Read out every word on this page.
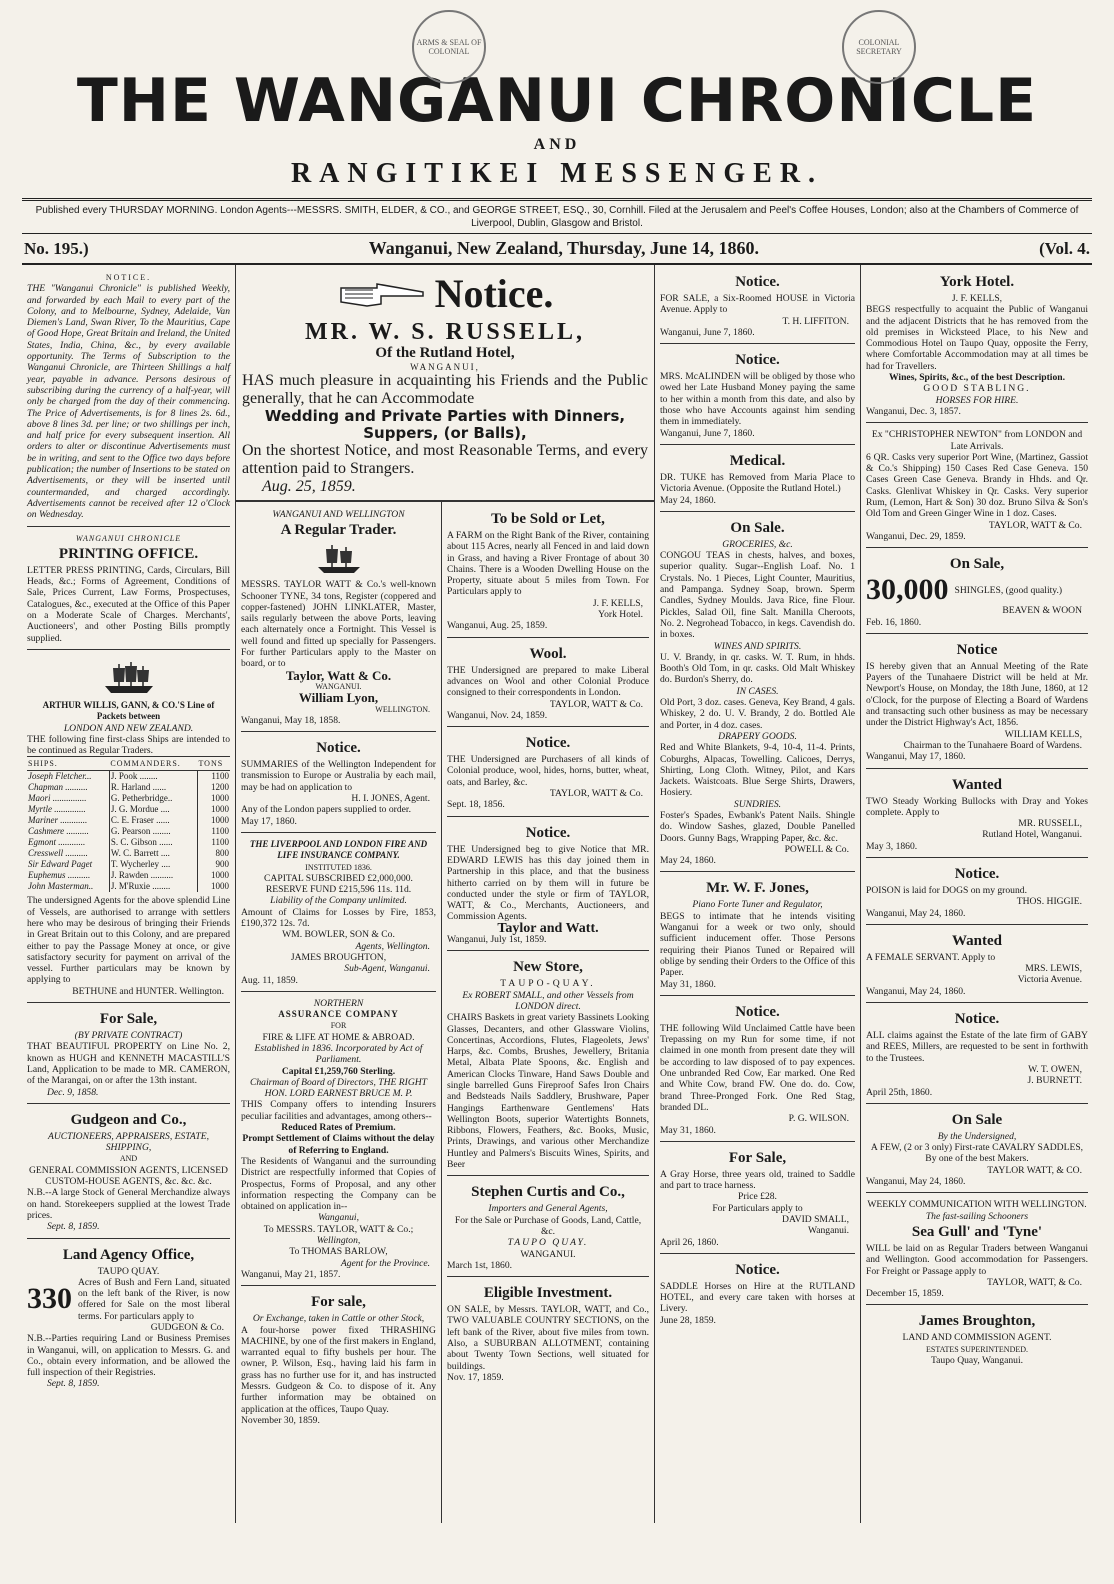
ARMS & SEAL OF COLONIAL
COLONIAL SECRETARY
THE WANGANUI CHRONICLE
AND
RANGITIKEI MESSENGER.
Published every THURSDAY MORNING. London Agents---MESSRS. SMITH, ELDER, & CO., and GEORGE STREET, ESQ., 30, Cornhill. Filed at the Jerusalem and Peel's Coffee Houses, London; also at the Chambers of Commerce of Liverpool, Dublin, Glasgow and Bristol.
No. 195.)	Wanganui, New Zealand, Thursday, June 14, 1860.	(Vol. 4.
NOTICE.
THE "Wanganui Chronicle" is published Weekly, and forwarded by each Mail to every part of the Colony, and to Melbourne, Sydney, Adelaide, Van Diemen's Land, Swan River, To the Mauritius, Cape of Good Hope, Great Britain and Ireland, the United States, India, China, &c., by every available opportunity. The Terms of Subscription to the Wanganui Chronicle, are Thirteen Shillings a half year, payable in advance. Persons desirous of subscribing during the currency of a half-year, will only be charged from the day of their commencing. The Price of Advertisements, is for 8 lines 2s. 6d., above 8 lines 3d. per line; or two shillings per inch, and half price for every subsequent insertion. All orders to alter or discontinue Advertisements must be in writing, and sent to the Office two days before publication; the number of Insertions to be stated on Advertisements, or they will be inserted until countermanded, and charged accordingly. Advertisements cannot be received after 12 o'Clock on Wednesday.
WANGANUI CHRONICLE
PRINTING OFFICE.
LETTER PRESS PRINTING, Cards, Circulars, Bill Heads, &c.; Forms of Agreement, Conditions of Sale, Prices Current, Law Forms, Prospectuses, Catalogues, &c., executed at the Office of this Paper on a Moderate Scale of Charges. Merchants', Auctioneers', and other Posting Bills promptly supplied.
ARTHUR WILLIS, GANN, & CO.'S Line of Packets between
LONDON AND NEW ZEALAND.
THE following fine first-class Ships are intended to be continued as Regular Traders.
SHIPS.	COMMANDERS.	TONS
Joseph Fletcher...	J. Pook ........	1100
Chapman ..........	R. Harland ......	1200
Maori ...............	G. Petherbridge..	1000
Myrtle ..............	J. G. Mordue ....	1000
Mariner ............	C. E. Fraser ......	1000
Cashmere ..........	G. Pearson ........	1100
Egmont ............	S. C. Gibson ......	1100
Cresswell ..........	W. C. Barrett ....	800
Sir Edward Paget	T. Wycherley ....	900
Euphemus ..........	J. Rawden ..........	1000
John Masterman..	J. M'Ruxie ........	1000
The undersigned Agents for the above splendid Line of Vessels, are authorised to arrange with settlers here who may be desirous of bringing their Friends in Great Britain out to this Colony, and are prepared either to pay the Passage Money at once, or give satisfactory security for payment on arrival of the vessel. Further particulars may be known by applying to
BETHUNE and HUNTER. Wellington.
For Sale,
(BY PRIVATE CONTRACT)
THAT BEAUTIFUL PROPERTY on Line No. 2, known as HUGH and KENNETH MACASTILL'S Land, Application to be made to MR. CAMERON, of the Marangai, on or after the 13th instant.
Dec. 9, 1858.
Gudgeon and Co.,
AUCTIONEERS, APPRAISERS, ESTATE, SHIPPING,
AND
GENERAL COMMISSION AGENTS, LICENSED CUSTOM-HOUSE AGENTS, &c. &c. &c.
N.B.--A large Stock of General Merchandize always on hand. Storekeepers supplied at the lowest Trade prices.
Sept. 8, 1859.
Land Agency Office,
TAUPO QUAY.
330
Acres of Bush and Fern Land, situated on the left bank of the River, is now offered for Sale on the most liberal terms. For particulars apply to
GUDGEON & Co.
N.B.--Parties requiring Land or Business Premises in Wanganui, will, on application to Messrs. G. and Co., obtain every information, and be allowed the full inspection of their Registries.
Sept. 8, 1859.
Notice.
MR. W. S. RUSSELL,
Of the Rutland Hotel,
WANGANUI,
HAS much pleasure in acquainting his Friends and the Public generally, that he can Accommodate
Wedding and Private Parties with Dinners, Suppers, (or Balls),
On the shortest Notice, and most Reasonable Terms, and every attention paid to Strangers.
Aug. 25, 1859.
WANGANUI AND WELLINGTON
A Regular Trader.
MESSRS. TAYLOR WATT & Co.'s well-known Schooner TYNE, 34 tons, Register (coppered and copper-fastened) JOHN LINKLATER, Master, sails regularly between the above Ports, leaving each alternately once a Fortnight. This Vessel is well found and fitted up specially for Passengers. For further Particulars apply to the Master on board, or to
Taylor, Watt & Co.
WANGANUI.
William Lyon,
WELLINGTON.
Wanganui, May 18, 1858.
Notice.
SUMMARIES of the Wellington Independent for transmission to Europe or Australia by each mail, may be had on application to
H. I. JONES, Agent.
Any of the London papers supplied to order.
May 17, 1860.
THE LIVERPOOL AND LONDON FIRE AND LIFE INSURANCE COMPANY.
INSTITUTED 1836.
CAPITAL SUBSCRIBED £2,000,000.
RESERVE FUND £215,596 11s. 11d.
Liability of the Company unlimited.
Amount of Claims for Losses by Fire, 1853, £190,372 12s. 7d.
WM. BOWLER, SON & Co.
Agents, Wellington.
JAMES BROUGHTON,
Sub-Agent, Wanganui.
Aug. 11, 1859.
NORTHERN
ASSURANCE COMPANY
FOR
FIRE & LIFE AT HOME & ABROAD.
Established in 1836. Incorporated by Act of Parliament.
Capital £1,259,760 Sterling.
Chairman of Board of Directors, THE RIGHT HON. LORD EARNEST BRUCE M. P.
THIS Company offers to intending Insurers peculiar facilities and advantages, among others--
Reduced Rates of Premium.
Prompt Settlement of Claims without the delay of Referring to England.
The Residents of Wanganui and the surrounding District are respectfully informed that Copies of Prospectus, Forms of Proposal, and any other information respecting the Company can be obtained on application in--
Wanganui,
To MESSRS. TAYLOR, WATT & Co.;
Wellington,
To THOMAS BARLOW,
Agent for the Province.
Wanganui, May 21, 1857.
For sale,
Or Exchange, taken in Cattle or other Stock,
A four-horse power fixed THRASHING MACHINE, by one of the first makers in England, warranted equal to fifty bushels per hour. The owner, P. Wilson, Esq., having laid his farm in grass has no further use for it, and has instructed Messrs. Gudgeon & Co. to dispose of it. Any further information may be obtained on application at the offices, Taupo Quay.
November 30, 1859.
To be Sold or Let,
A FARM on the Right Bank of the River, containing about 115 Acres, nearly all Fenced in and laid down in Grass, and having a River Frontage of about 30 Chains. There is a Wooden Dwelling House on the Property, situate about 5 miles from Town. For Particulars apply to
J. F. KELLS,
York Hotel.
Wanganui, Aug. 25, 1859.
Wool.
THE Undersigned are prepared to make Liberal advances on Wool and other Colonial Produce consigned to their correspondents in London.
TAYLOR, WATT & Co.
Wanganui, Nov. 24, 1859.
Notice.
THE Undersigned are Purchasers of all kinds of Colonial produce, wool, hides, horns, butter, wheat, oats, and Barley, &c.
TAYLOR, WATT & Co.
Sept. 18, 1856.
Notice.
THE Undersigned beg to give Notice that MR. EDWARD LEWIS has this day joined them in Partnership in this place, and that the business hitherto carried on by them will in future be conducted under the style or firm of TAYLOR, WATT, & Co., Merchants, Auctioneers, and Commission Agents.
Taylor and Watt.
Wanganui, July 1st, 1859.
New Store,
TAUPO-QUAY.
Ex ROBERT SMALL, and other Vessels from LONDON direct.
CHAIRS Baskets in great variety Bassinets Looking Glasses, Decanters, and other Glassware Violins, Concertinas, Accordions, Flutes, Flageolets, Jews' Harps, &c. Combs, Brushes, Jewellery, Britania Metal, Albata Plate Spoons, &c. English and American Clocks Tinware, Hand Saws Double and single barrelled Guns Fireproof Safes Iron Chairs and Bedsteads Nails Saddlery, Brushware, Paper Hangings Earthenware Gentlemens' Hats Wellington Boots, superior Watertights Bonnets, Ribbons, Flowers, Feathers, &c. Books, Music, Prints, Drawings, and various other Merchandize Huntley and Palmers's Biscuits Wines, Spirits, and Beer
Stephen Curtis and Co.,
Importers and General Agents,
For the Sale or Purchase of Goods, Land, Cattle, &c.
TAUPO QUAY.
WANGANUI.
March 1st, 1860.
Eligible Investment.
ON SALE, by Messrs. TAYLOR, WATT, and Co., TWO VALUABLE COUNTRY SECTIONS, on the left bank of the River, about five miles from town. Also, a SUBURBAN ALLOTMENT, containing about Twenty Town Sections, well situated for buildings.
Nov. 17, 1859.
Notice.
FOR SALE, a Six-Roomed HOUSE in Victoria Avenue. Apply to
T. H. LIFFITON.
Wanganui, June 7, 1860.
Notice.
MRS. McALINDEN will be obliged by those who owed her Late Husband Money paying the same to her within a month from this date, and also by those who have Accounts against him sending them in immediately.
Wanganui, June 7, 1860.
Medical.
DR. TUKE has Removed from Maria Place to Victoria Avenue. (Opposite the Rutland Hotel.)
May 24, 1860.
On Sale.
GROCERIES, &c.
CONGOU TEAS in chests, halves, and boxes, superior quality. Sugar--English Loaf. No. 1 Crystals. No. 1 Pieces, Light Counter, Mauritius, and Pampanga. Sydney Soap, brown. Sperm Candles, Sydney Moulds. Java Rice, fine Flour. Pickles, Salad Oil, fine Salt. Manilla Cheroots, No. 2. Negrohead Tobacco, in kegs. Cavendish do. in boxes.
WINES AND SPIRITS.
U. V. Brandy, in qr. casks. W. T. Rum, in hhds. Booth's Old Tom, in qr. casks. Old Malt Whiskey do. Burdon's Sherry, do.
IN CASES.
Old Port, 3 doz. cases. Geneva, Key Brand, 4 gals. Whiskey, 2 do. U. V. Brandy, 2 do. Bottled Ale and Porter, in 4 doz. cases.
DRAPERY GOODS.
Red and White Blankets, 9-4, 10-4, 11-4. Prints, Coburghs, Alpacas, Towelling. Calicoes, Derrys, Shirting, Long Cloth. Witney, Pilot, and Kars Jackets. Waistcoats. Blue Serge Shirts, Drawers, Hosiery.
SUNDRIES.
Foster's Spades, Ewbank's Patent Nails. Shingle do. Window Sashes, glazed, Double Panelled Doors. Gunny Bags, Wrapping Paper, &c. &c.
POWELL & Co.
May 24, 1860.
Mr. W. F. Jones,
Piano Forte Tuner and Regulator,
BEGS to intimate that he intends visiting Wanganui for a week or two only, should sufficient inducement offer. Those Persons requiring their Pianos Tuned or Repaired will oblige by sending their Orders to the Office of this Paper.
May 31, 1860.
Notice.
THE following Wild Unclaimed Cattle have been Trepassing on my Run for some time, if not claimed in one month from present date they will be according to law disposed of to pay expences. One unbranded Red Cow, Ear marked. One Red and White Cow, brand FW. One do. do. Cow, brand Three-Pronged Fork. One Red Stag, branded DL.
P. G. WILSON.
May 31, 1860.
For Sale,
A Gray Horse, three years old, trained to Saddle and part to trace harness.
Price £28.
For Particulars apply to
DAVID SMALL,
Wanganui.
April 26, 1860.
Notice.
SADDLE Horses on Hire at the RUTLAND HOTEL, and every care taken with horses at Livery.
June 28, 1859.
York Hotel.
J. F. KELLS,
BEGS respectfully to acquaint the Public of Wanganui and the adjacent Districts that he has removed from the old premises in Wicksteed Place, to his New and Commodious Hotel on Taupo Quay, opposite the Ferry, where Comfortable Accommodation may at all times be had for Travellers.
Wines, Spirits, &c., of the best Description.
GOOD STABLING.
HORSES FOR HIRE.
Wanganui, Dec. 3, 1857.
Ex "CHRISTOPHER NEWTON" from LONDON and Late Arrivals.
6 QR. Casks very superior Port Wine, (Martinez, Gassiot & Co.'s Shipping) 150 Cases Red Case Geneva. 150 Cases Green Case Geneva. Brandy in Hhds. and Qr. Casks. Glenlivat Whiskey in Qr. Casks. Very superior Rum, (Lemon, Hart & Son) 30 doz. Bruno Silva & Son's Old Tom and Green Ginger Wine in 1 doz. Cases.
TAYLOR, WATT & Co.
Wanganui, Dec. 29, 1859.
On Sale,
30,000 SHINGLES, (good quality.)
BEAVEN & WOON
Feb. 16, 1860.
Notice
IS hereby given that an Annual Meeting of the Rate Payers of the Tunahaere District will be held at Mr. Newport's House, on Monday, the 18th June, 1860, at 12 o'Clock, for the purpose of Electing a Board of Wardens and transacting such other business as may be necessary under the District Highway's Act, 1856.
WILLIAM KELLS,
Chairman to the Tunahaere Board of Wardens.
Wanganui, May 17, 1860.
Wanted
TWO Steady Working Bullocks with Dray and Yokes complete. Apply to
MR. RUSSELL,
Rutland Hotel, Wanganui.
May 3, 1860.
Notice.
POISON is laid for DOGS on my ground.
THOS. HIGGIE.
Wanganui, May 24, 1860.
Wanted
A FEMALE SERVANT. Apply to
MRS. LEWIS,
Victoria Avenue.
Wanganui, May 24, 1860.
Notice.
ALL claims against the Estate of the late firm of GABY and REES, Millers, are requested to be sent in forthwith to the Trustees.
W. T. OWEN,
J. BURNETT.
April 25th, 1860.
On Sale
By the Undersigned,
A FEW, (2 or 3 only) First-rate CAVALRY SADDLES, By one of the best Makers.
TAYLOR WATT, & CO.
Wanganui, May 24, 1860.
WEEKLY COMMUNICATION WITH WELLINGTON.
The fast-sailing Schooners
Sea Gull' and 'Tyne'
WILL be laid on as Regular Traders between Wanganui and Wellington. Good accommodation for Passengers. For Freight or Passage apply to
TAYLOR, WATT, & Co.
December 15, 1859.
James Broughton,
LAND AND COMMISSION AGENT.
ESTATES SUPERINTENDED.
Taupo Quay, Wanganui.
